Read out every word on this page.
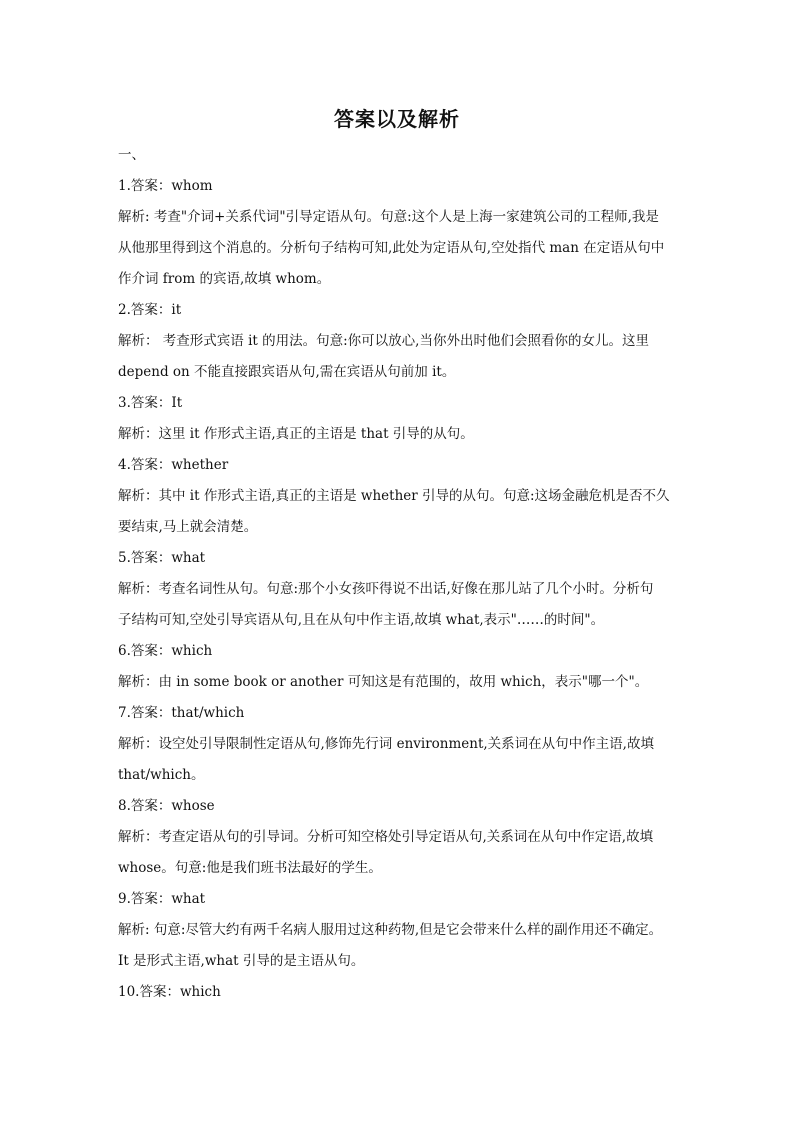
答案以及解析
一、
1.答案：whom

解析: 考查"介词+关系代词"引导定语从句。句意:这个人是上海一家建筑公司的工程师,我是

从他那里得到这个消息的。分析句子结构可知,此处为定语从句,空处指代 man 在定语从句中

作介词 from 的宾语,故填 whom。

2.答案：it

解析： 考查形式宾语 it 的用法。句意:你可以放心,当你外出时他们会照看你的女儿。这里

depend on 不能直接跟宾语从句,需在宾语从句前加 it。

3.答案：It

解析：这里 it 作形式主语,真正的主语是 that 引导的从句。

4.答案：whether

解析：其中 it 作形式主语,真正的主语是 whether 引导的从句。句意:这场金融危机是否不久

要结束,马上就会清楚。

5.答案：what

解析：考查名词性从句。句意:那个小女孩吓得说不出话,好像在那儿站了几个小时。分析句

子结构可知,空处引导宾语从句,且在从句中作主语,故填 what,表示"……的时间"。

6.答案：which

解析：由 in some book or another 可知这是有范围的，故用 which，表示"哪一个"。

7.答案：that/which

解析：设空处引导限制性定语从句,修饰先行词 environment,关系词在从句中作主语,故填

that/which。

8.答案：whose

解析：考查定语从句的引导词。分析可知空格处引导定语从句,关系词在从句中作定语,故填

whose。句意:他是我们班书法最好的学生。

9.答案：what

解析: 句意:尽管大约有两千名病人服用过这种药物,但是它会带来什么样的副作用还不确定。

It 是形式主语,what 引导的是主语从句。

10.答案：which
